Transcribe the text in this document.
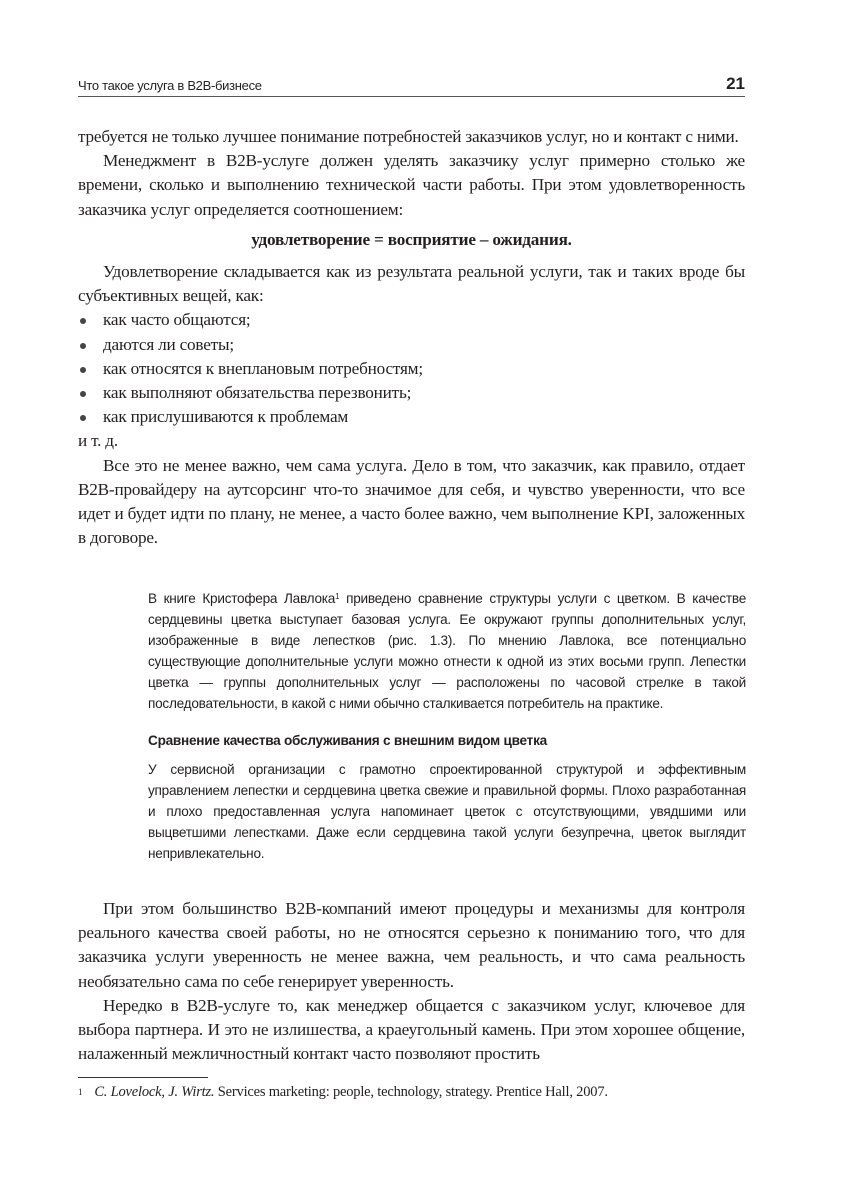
Что такое услуга в B2B-бизнесе	21

требуется не только лучшее понимание потребностей заказчиков услуг, но и контакт с ними.

Менеджмент в B2B-услуге должен уделять заказчику услуг примерно столько же времени, сколько и выполнению технической части работы. При этом удовлетворенность заказчика услуг определяется соотношением:

удовлетворение = восприятие – ожидания.

Удовлетворение складывается как из результата реальной услуги, так и таких вроде бы субъективных вещей, как:

как часто общаются;
даются ли советы;
как относятся к внеплановым потребностям;
как выполняют обязательства перезвонить;
как прислушиваются к проблемам

и т. д.

Все это не менее важно, чем сама услуга. Дело в том, что заказчик, как правило, отдает B2B-провайдеру на аутсорсинг что-то значимое для себя, и чувство уверенности, что все идет и будет идти по плану, не менее, а часто более важно, чем выполнение KPI, заложенных в договоре.

В книге Кристофера Лавлока$^1$ приведено сравнение структуры услуги с цветком. В качестве сердцевины цветка выступает базовая услуга. Ее окружают группы дополнительных услуг, изображенные в виде лепестков (рис. 1.3). По мнению Лавлока, все потенциально существующие дополнительные услуги можно отнести к одной из этих восьми групп. Лепестки цветка — группы дополнительных услуг — расположены по часовой стрелке в такой последовательности, в какой с ними обычно сталкивается потребитель на практике.

Сравнение качества обслуживания с внешним видом цветка

У сервисной организации с грамотно спроектированной структурой и эффективным управлением лепестки и сердцевина цветка свежие и правильной формы. Плохо разработанная и плохо предоставленная услуга напоминает цветок с отсутствующими, увядшими или выцветшими лепестками. Даже если сердцевина такой услуги безупречна, цветок выглядит непривлекательно.

При этом большинство B2B-компаний имеют процедуры и механизмы для контроля реального качества своей работы, но не относятся серьезно к пониманию того, что для заказчика услуги уверенность не менее важна, чем реальность, и что сама реальность необязательно сама по себе генерирует уверенность.

Нередко в B2B-услуге то, как менеджер общается с заказчиком услуг, ключевое для выбора партнера. И это не излишества, а краеугольный камень. При этом хорошее общение, налаженный межличностный контакт часто позволяют простить

$^1$ C. Lovelock, J. Wirtz. Services marketing: people, technology, strategy. Prentice Hall, 2007.
